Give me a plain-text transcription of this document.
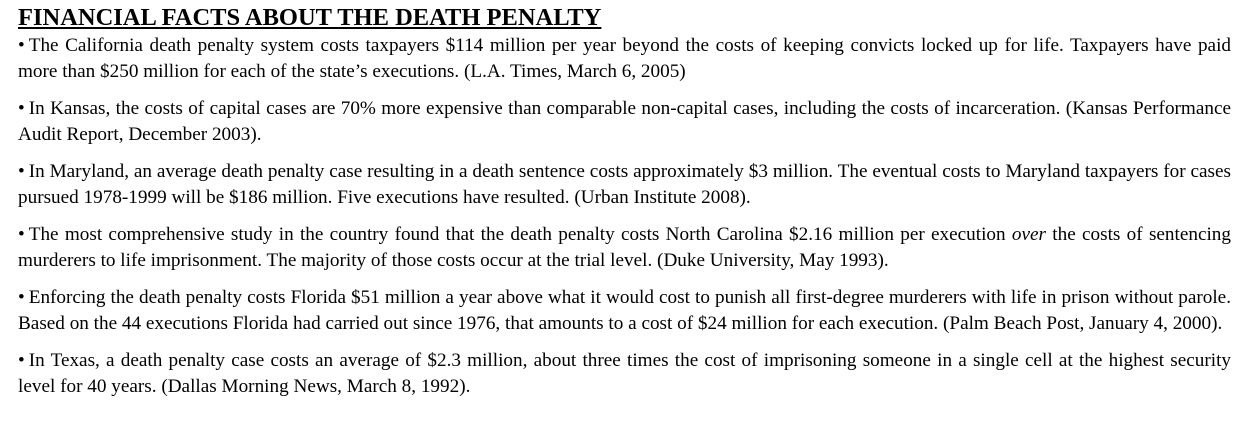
FINANCIAL FACTS ABOUT THE DEATH PENALTY

• The California death penalty system costs taxpayers $114 million per year beyond the costs of keeping convicts locked up for life. Taxpayers have paid more than $250 million for each of the state’s executions. (L.A. Times, March 6, 2005)

• In Kansas, the costs of capital cases are 70% more expensive than comparable non-capital cases, including the costs of incarceration. (Kansas Performance Audit Report, December 2003).

• In Maryland, an average death penalty case resulting in a death sentence costs approximately $3 million. The eventual costs to Maryland taxpayers for cases pursued 1978-1999 will be $186 million. Five executions have resulted. (Urban Institute 2008).

• The most comprehensive study in the country found that the death penalty costs North Carolina $2.16 million per execution over the costs of sentencing murderers to life imprisonment. The majority of those costs occur at the trial level. (Duke University, May 1993).

• Enforcing the death penalty costs Florida $51 million a year above what it would cost to punish all first-degree murderers with life in prison without parole. Based on the 44 executions Florida had carried out since 1976, that amounts to a cost of $24 million for each execution. (Palm Beach Post, January 4, 2000).

• In Texas, a death penalty case costs an average of $2.3 million, about three times the cost of imprisoning someone in a single cell at the highest security level for 40 years. (Dallas Morning News, March 8, 1992).
